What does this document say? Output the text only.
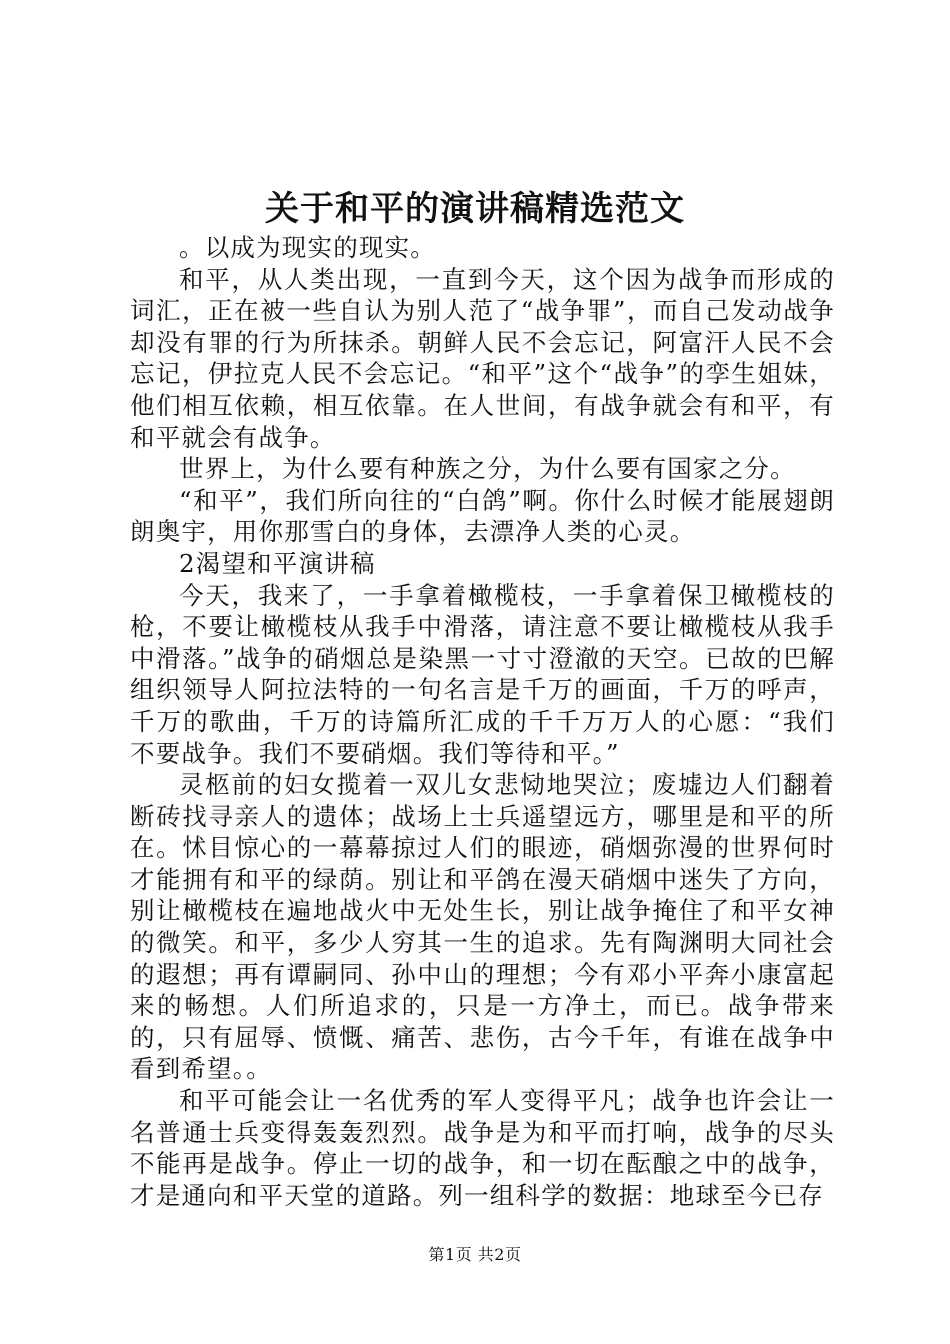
关于和平的演讲稿精选范文

。以成为现实的现实。

和平，从人类出现，一直到今天，这个因为战争而形成的词汇，正在被一些自认为别人范了“战争罪”，而自己发动战争却没有罪的行为所抹杀。朝鲜人民不会忘记，阿富汗人民不会忘记，伊拉克人民不会忘记。“和平”这个“战争”的孪生姐妹，他们相互依赖，相互依靠。在人世间，有战争就会有和平，有和平就会有战争。

世界上，为什么要有种族之分，为什么要有国家之分。

“和平”，我们所向往的“白鸽”啊。你什么时候才能展翅朗朗奥宇，用你那雪白的身体，去漂净人类的心灵。

2渴望和平演讲稿

今天，我来了，一手拿着橄榄枝，一手拿着保卫橄榄枝的枪，不要让橄榄枝从我手中滑落，请注意不要让橄榄枝从我手中滑落。”战争的硝烟总是染黑一寸寸澄澈的天空。已故的巴解组织领导人阿拉法特的一句名言是千万的画面，千万的呼声，千万的歌曲，千万的诗篇所汇成的千千万万人的心愿：“我们不要战争。我们不要硝烟。我们等待和平。”

灵柩前的妇女揽着一双儿女悲恸地哭泣；废墟边人们翻着断砖找寻亲人的遗体；战场上士兵遥望远方，哪里是和平的所在。怵目惊心的一幕幕掠过人们的眼迹，硝烟弥漫的世界何时才能拥有和平的绿荫。别让和平鸽在漫天硝烟中迷失了方向，别让橄榄枝在遍地战火中无处生长，别让战争掩住了和平女神的微笑。和平，多少人穷其一生的追求。先有陶渊明大同社会的遐想；再有谭嗣同、孙中山的理想；今有邓小平奔小康富起来的畅想。人们所追求的，只是一方净土，而已。战争带来的，只有屈辱、愤慨、痛苦、悲伤，古今千年，有谁在战争中看到希望。。

和平可能会让一名优秀的军人变得平凡；战争也许会让一名普通士兵变得轰轰烈烈。战争是为和平而打响，战争的尽头不能再是战争。停止一切的战争，和一切在酝酿之中的战争，才是通向和平天堂的道路。列一组科学的数据：地球至今已存

第1页 共2页
